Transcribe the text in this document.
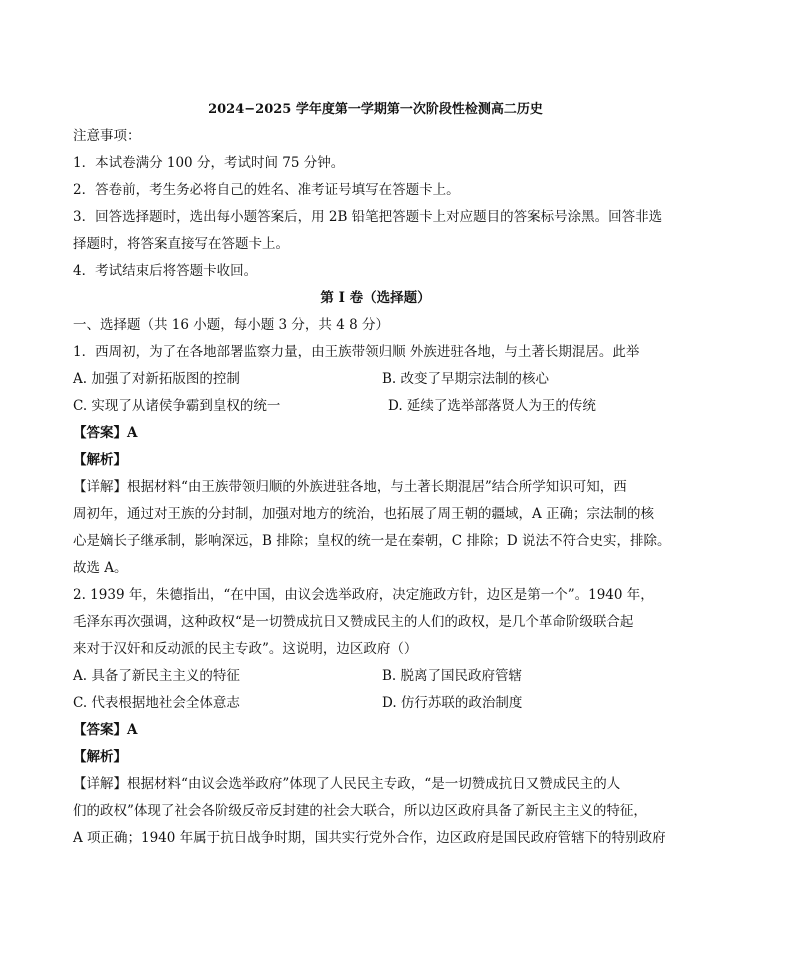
2024−2025 学年度第一学期第一次阶段性检测高二历史
注意事项：
1．本试卷满分 100 分，考试时间 75 分钟。
2．答卷前，考生务必将自己的姓名、准考证号填写在答题卡上。
3．回答选择题时，选出每小题答案后，用 2B 铅笔把答题卡上对应题目的答案标号涂黑。回答非选
择题时，将答案直接写在答题卡上。
4．考试结束后将答题卡收回。
第 I 卷（选择题）
一、选择题（共 16 小题，每小题 3 分，共 4 8 分）
1．西周初，为了在各地部署监察力量，由王族带领归顺 外族进驻各地，与土著长期混居。此举
A. 加强了对新拓版图的控制	B. 改变了早期宗法制的核心
C. 实现了从诸侯争霸到皇权的统一	D. 延续了选举部落贤人为王的传统
【答案】A
【解析】
【详解】根据材料“由王族带领归顺的外族进驻各地，与土著长期混居”结合所学知识可知，西
周初年，通过对王族的分封制，加强对地方的统治，也拓展了周王朝的疆域，A 正确；宗法制的核
心是嫡长子继承制，影响深远，B 排除；皇权的统一是在秦朝，C 排除；D 说法不符合史实，排除。
故选 A。
2. 1939 年，朱德指出，“在中国，由议会选举政府，决定施政方针，边区是第一个”。1940 年，
毛泽东再次强调，这种政权“是一切赞成抗日又赞成民主的人们的政权，是几个革命阶级联合起
来对于汉奸和反动派的民主专政”。这说明，边区政府（）
A. 具备了新民主主义的特征	B. 脱离了国民政府管辖
C. 代表根据地社会全体意志	D. 仿行苏联的政治制度
【答案】A
【解析】
【详解】根据材料“由议会选举政府”体现了人民民主专政，“是一切赞成抗日又赞成民主的人
们的政权”体现了社会各阶级反帝反封建的社会大联合，所以边区政府具备了新民主主义的特征，
A 项正确；1940 年属于抗日战争时期，国共实行党外合作，边区政府是国民政府管辖下的特别政府
